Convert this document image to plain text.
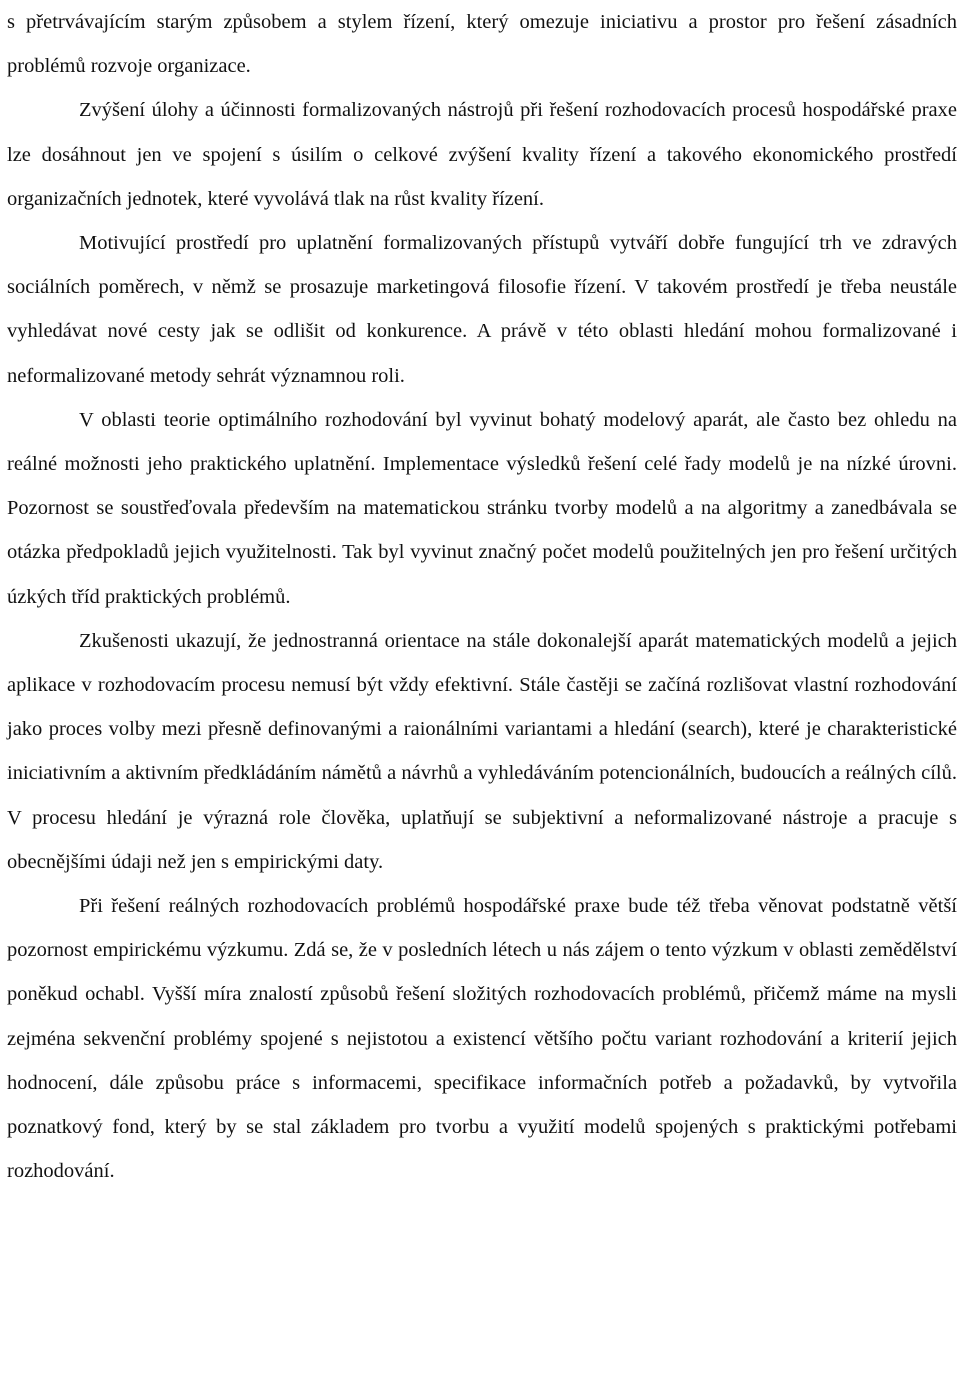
s přetrvávajícím starým způsobem a stylem řízení, který omezuje iniciativu a prostor pro řešení zásadních problémů rozvoje organizace.

Zvýšení úlohy a účinnosti formalizovaných nástrojů při řešení rozhodovacích procesů hospodářské praxe lze dosáhnout jen ve spojení s úsilím o celkové zvýšení kvality řízení a takového ekonomického prostředí organizačních jednotek, které vyvolává tlak na růst kvality řízení.

Motivující prostředí pro uplatnění formalizovaných přístupů vytváří dobře fungující trh ve zdravých sociálních poměrech, v němž se prosazuje marketingová filosofie řízení. V takovém prostředí je třeba neustále vyhledávat nové cesty jak se odlišit od konkurence. A právě v této oblasti hledání mohou formalizované i neformalizované metody sehrát významnou roli.

V oblasti teorie optimálního rozhodování byl vyvinut bohatý modelový aparát, ale často bez ohledu na reálné možnosti jeho praktického uplatnění. Implementace výsledků řešení celé řady modelů je na nízké úrovni. Pozornost se soustřeďovala především na matematickou stránku tvorby modelů a na algoritmy a zanedbávala se otázka předpokladů jejich využitelnosti. Tak byl vyvinut značný počet modelů použitelných jen pro řešení určitých úzkých tříd praktických problémů.

Zkušenosti ukazují, že jednostranná orientace na stále dokonalejší aparát matematických modelů a jejich aplikace v rozhodovacím procesu nemusí být vždy efektivní. Stále častěji se začíná rozlišovat vlastní rozhodování jako proces volby mezi přesně definovanými a raionálními variantami a hledání (search), které je charakteristické iniciativním a aktivním předkládáním námětů a návrhů a vyhledáváním potencionálních, budoucích a reálných cílů. V procesu hledání je výrazná role člověka, uplatňují se subjektivní a neformalizované nástroje a pracuje s obecnějšími údaji než jen s empirickými daty.

Při řešení reálných rozhodovacích problémů hospodářské praxe bude též třeba věnovat podstatně větší pozornost empirickému výzkumu. Zdá se, že v posledních létech u nás zájem o tento výzkum v oblasti zemědělství poněkud ochabl. Vyšší míra znalostí způsobů řešení složitých rozhodovacích problémů, přičemž máme na mysli zejména sekvenční problémy spojené s nejistotou a existencí většího počtu variant rozhodování a kriterií jejich hodnocení, dále způsobu práce s informacemi, specifikace informačních potřeb a požadavků, by vytvořila poznatkový fond, který by se stal základem pro tvorbu a využití modelů spojených s praktickými potřebami rozhodování.
